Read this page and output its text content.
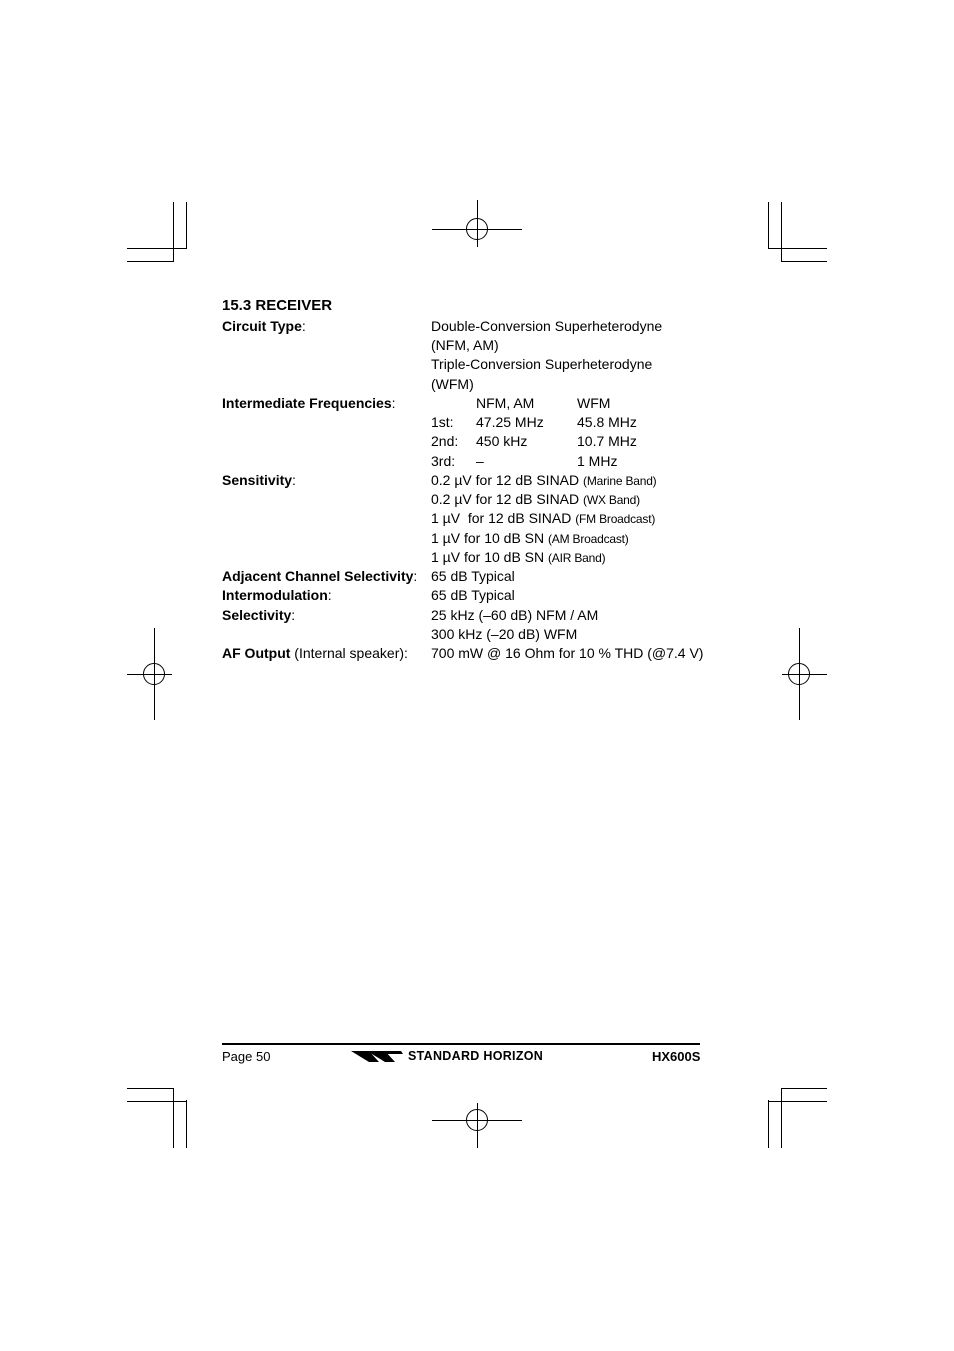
15.3 RECEIVER
Circuit Type:	Double-Conversion Superheterodyne
(NFM, AM)
Triple-Conversion Superheterodyne
(WFM)
Intermediate Frequencies:	NFM, AM	WFM
1st: 47.25 MHz 45.8 MHz
2nd: 450 kHz	10.7 MHz
3rd: –	1 MHz
Sensitivity:	0.2 µV for 12 dB SINAD (Marine Band)
0.2 µV for 12 dB SINAD (WX Band)
1 µV  for 12 dB SINAD (FM Broadcast)
1 µV for 10 dB SN (AM Broadcast)
1 µV for 10 dB SN (AIR Band)
Adjacent Channel Selectivity: 65 dB Typical
Intermodulation:	65 dB Typical
Selectivity:	25 kHz (–60 dB) NFM / AM
300 kHz (–20 dB) WFM
AF Output (Internal speaker): 700 mW @ 16 Ohm for 10 % THD (@7.4 V)
Page 50	STANDARD HORIZON	HX600S
